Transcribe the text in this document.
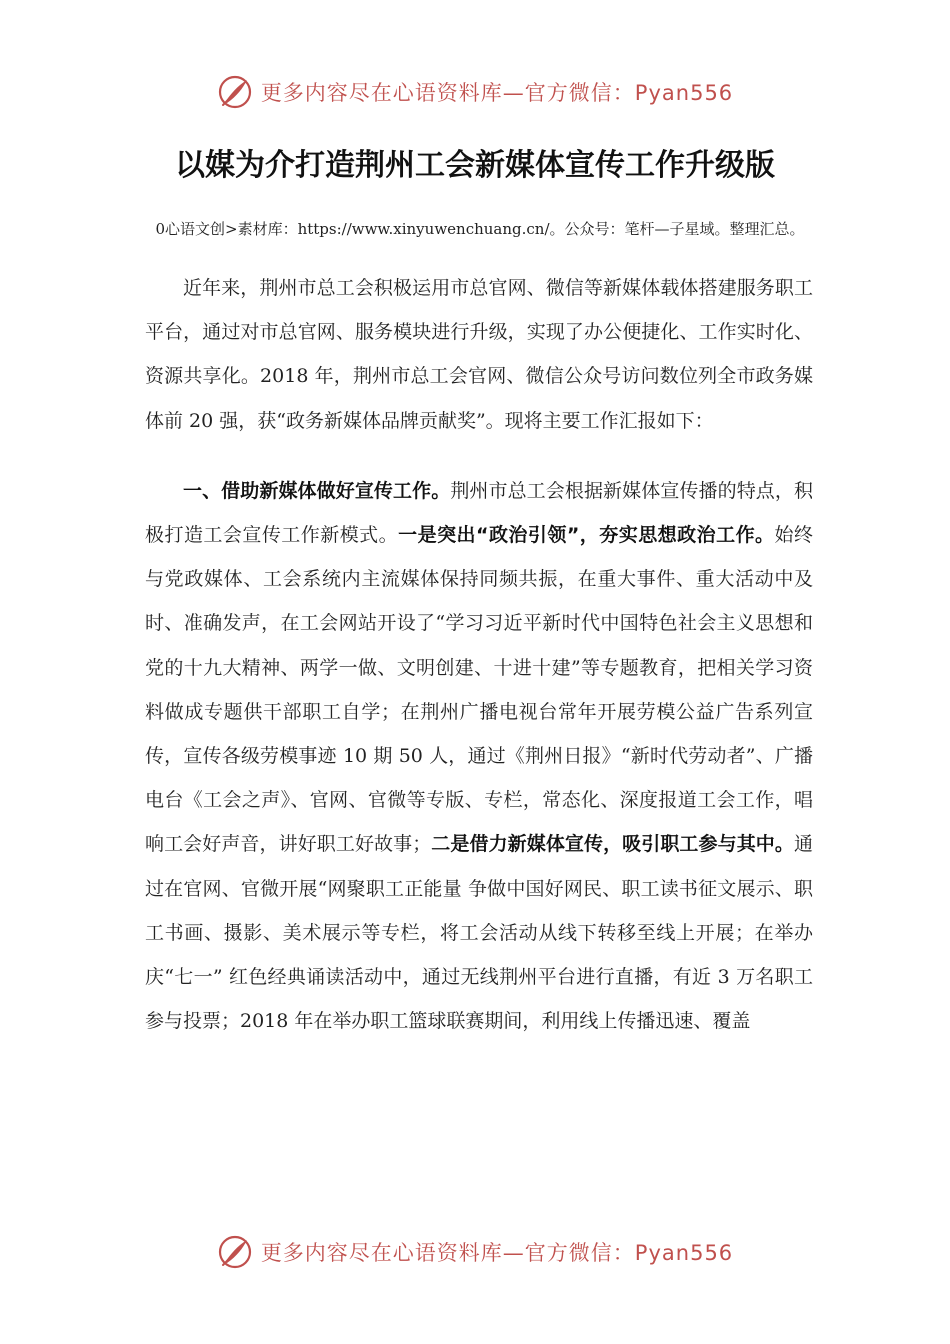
更多内容尽在心语资料库—官方微信：Pyan556
以媒为介打造荆州工会新媒体宣传工作升级版
0心语文创>素材库：https://www.xinyuwenchuang.cn/。公众号：笔杆—子星域。整理汇总。

近年来，荆州市总工会积极运用市总官网、微信等新媒体载体搭建服务职工平台，通过对市总官网、服务模块进行升级，实现了办公便捷化、工作实时化、资源共享化。2018 年，荆州市总工会官网、微信公众号访问数位列全市政务媒体前 20 强，获“政务新媒体品牌贡献奖”。现将主要工作汇报如下：

一、借助新媒体做好宣传工作。荆州市总工会根据新媒体宣传播的特点，积极打造工会宣传工作新模式。一是突出“政治引领”，夯实思想政治工作。始终与党政媒体、工会系统内主流媒体保持同频共振，在重大事件、重大活动中及时、准确发声，在工会网站开设了“学习习近平新时代中国特色社会主义思想和党的十九大精神、两学一做、文明创建、十进十建”等专题教育，把相关学习资料做成专题供干部职工自学；在荆州广播电视台常年开展劳模公益广告系列宣传，宣传各级劳模事迹 10 期 50 人，通过《荆州日报》“新时代劳动者”、广播电台《工会之声》、官网、官微等专版、专栏，常态化、深度报道工会工作，唱响工会好声音，讲好职工好故事；二是借力新媒体宣传，吸引职工参与其中。通过在官网、官微开展“网聚职工正能量 争做中国好网民、职工读书征文展示、职工书画、摄影、美术展示等专栏，将工会活动从线下转移至线上开展；在举办庆“七一” 红色经典诵读活动中，通过无线荆州平台进行直播，有近 3 万名职工参与投票；2018 年在举办职工篮球联赛期间，利用线上传播迅速、覆盖

更多内容尽在心语资料库—官方微信：Pyan556
